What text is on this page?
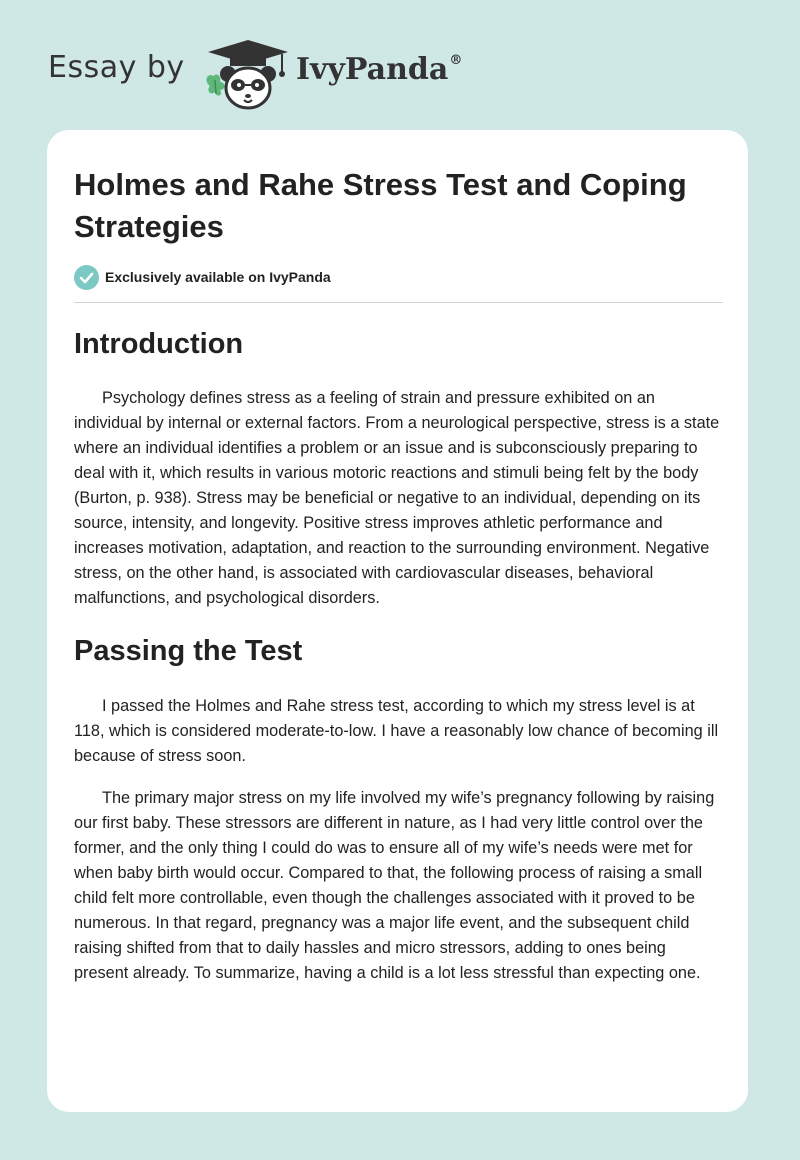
Essay by	IvyPanda®
Holmes and Rahe Stress Test and Coping Strategies
Exclusively available on IvyPanda
Introduction

Psychology defines stress as a feeling of strain and pressure exhibited on an individual by internal or external factors. From a neurological perspective, stress is a state where an individual identifies a problem or an issue and is subconsciously preparing to deal with it, which results in various motoric reactions and stimuli being felt by the body (Burton, p. 938). Stress may be beneficial or negative to an individual, depending on its source, intensity, and longevity. Positive stress improves athletic performance and increases motivation, adaptation, and reaction to the surrounding environment. Negative stress, on the other hand, is associated with cardiovascular diseases, behavioral malfunctions, and psychological disorders.

Passing the Test

I passed the Holmes and Rahe stress test, according to which my stress level is at 118, which is considered moderate-to-low. I have a reasonably low chance of becoming ill because of stress soon.

The primary major stress on my life involved my wife’s pregnancy following by raising our first baby. These stressors are different in nature, as I had very little control over the former, and the only thing I could do was to ensure all of my wife’s needs were met for when baby birth would occur. Compared to that, the following process of raising a small child felt more controllable, even though the challenges associated with it proved to be numerous. In that regard, pregnancy was a major life event, and the subsequent child raising shifted from that to daily hassles and micro stressors, adding to ones being present already. To summarize, having a child is a lot less stressful than expecting one.
